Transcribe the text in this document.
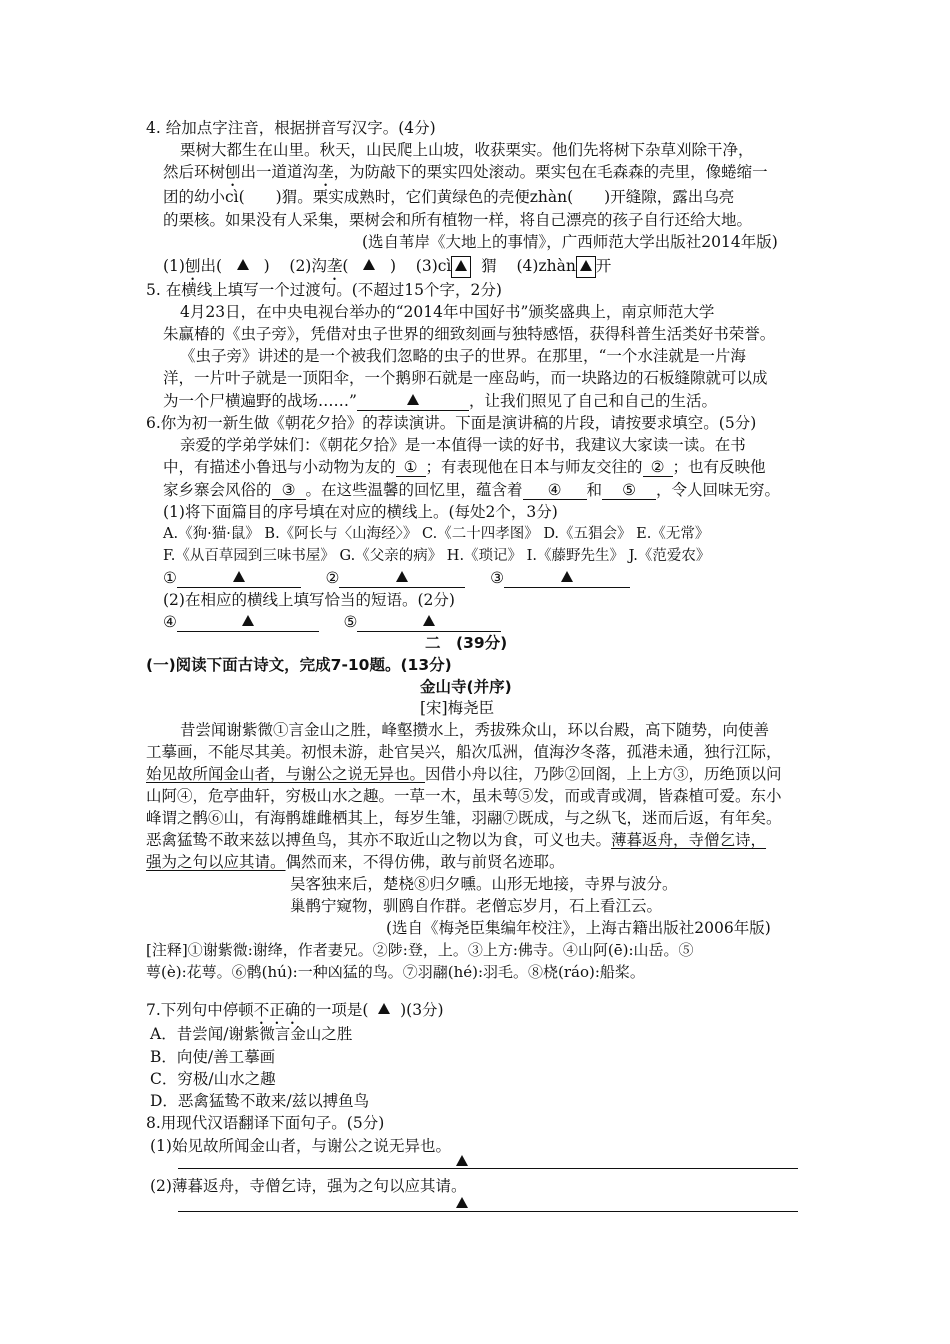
4. 给加点字注音，根据拼音写汉字。(4分)
栗树大都生在山里。秋天，山民爬上山坡，收获栗实。他们先将树下杂草刈除干净，
然后环树刨出一道道沟垄，为防敲下的栗实四处滚动。栗实包在毛森森的壳里，像蜷缩一
团的幼小cì(　　)猬。栗实成熟时，它们黄绿色的壳便zhàn(　　)开缝隙，露出乌亮
的栗核。如果没有人采集，栗树会和所有植物一样，将自己漂亮的孩子自行还给大地。
(选自苇岸《大地上的事情》，广西师范大学出版社2014年版)
(1)刨出(	) (2)沟垄(	) (3)cì 猬 (4)zhàn 开
5. 在横线上填写一个过渡句。(不超过15个字，2分)
4月23日，在中央电视台举办的“2014年中国好书”颁奖盛典上，南京师范大学
朱赢椿的《虫子旁》，凭借对虫子世界的细致刻画与独特感悟，获得科普生活类好书荣誉。
《虫子旁》讲述的是一个被我们忽略的虫子的世界。在那里，“一个水洼就是一片海
洋，一片叶子就是一顶阳伞，一个鹅卵石就是一座岛屿，而一块路边的石板缝隙就可以成
为一个尸横遍野的战场……”	，让我们照见了自己和自己的生活。
6.你为初一新生做《朝花夕拾》的荐读演讲。下面是演讲稿的片段，请按要求填空。(5分)
亲爱的学弟学妹们：《朝花夕拾》是一本值得一读的好书，我建议大家读一读。在书
中，有描述小鲁迅与小动物为友的 ① ；有表现他在日本与师友交往的 ② ；也有反映他
家乡寨会风俗的 ③ 。在这些温馨的回忆里，蕴含着 ④ 和 ⑤ ，令人回味无穷。
(1)将下面篇目的序号填在对应的横线上。(每处2个，3分)
A.《狗·猫·鼠》 B.《阿长与〈山海经〉》 C.《二十四孝图》 D.《五猖会》 E.《无常》
F.《从百草园到三味书屋》 G.《父亲的病》 H.《琐记》 I.《藤野先生》 J.《范爱农》
①	②	③
(2)在相应的横线上填写恰当的短语。(2分)
④	⑤
二　(39分)
(一)阅读下面古诗文，完成7-10题。(13分)
金山寺(并序)
[宋]梅尧臣
昔尝闻谢紫微①言金山之胜，峰壑攒水上，秀拔殊众山，环以台殿，高下随势，向使善
工摹画，不能尽其美。初恨未游，赴官吴兴，船次瓜洲，值海汐冬落，孤港未通，独行江际，
始见故所闻金山者，与谢公之说无异也。因借小舟以往，乃陟②回阁，上上方③，历绝顶以问
山阿④，危亭曲轩，穷极山水之趣。一草一木，虽未萼⑤发，而或青或凋，皆森植可爱。东小
峰谓之鹘⑥山，有海鹘雄雌栖其上，每岁生雏，羽翮⑦既成，与之纵飞，迷而后返，有年矣。
恶禽猛鸷不敢来兹以搏鱼鸟，其亦不取近山之物以为食，可义也夫。薄暮返舟，寺僧乞诗，
强为之句以应其请。偶然而来，不得仿佛，敢与前贤名迹耶。
吴客独来后，楚桡⑧归夕曛。山形无地接，寺界与波分。
巢鹘宁窥物，驯鸥自作群。老僧忘岁月，石上看江云。
(选自《梅尧臣集编年校注》，上海古籍出版社2006年版)
[注释]①谢紫微:谢绛，作者妻兄。②陟:登，上。③上方:佛寺。④山阿(ē):山岳。⑤
萼(è):花萼。⑥鹘(hú):一种凶猛的鸟。⑦羽翮(hé):羽毛。⑧桡(ráo):船桨。
7.下列句中停顿不正确的一项是( )(3分)
A．昔尝闻/谢紫微言金山之胜
B．向使/善工摹画
C．穷极/山水之趣
D．恶禽猛鸷不敢来/兹以搏鱼鸟
8.用现代汉语翻译下面句子。(5分)
(1)始见故所闻金山者，与谢公之说无异也。
(2)薄暮返舟，寺僧乞诗，强为之句以应其请。
